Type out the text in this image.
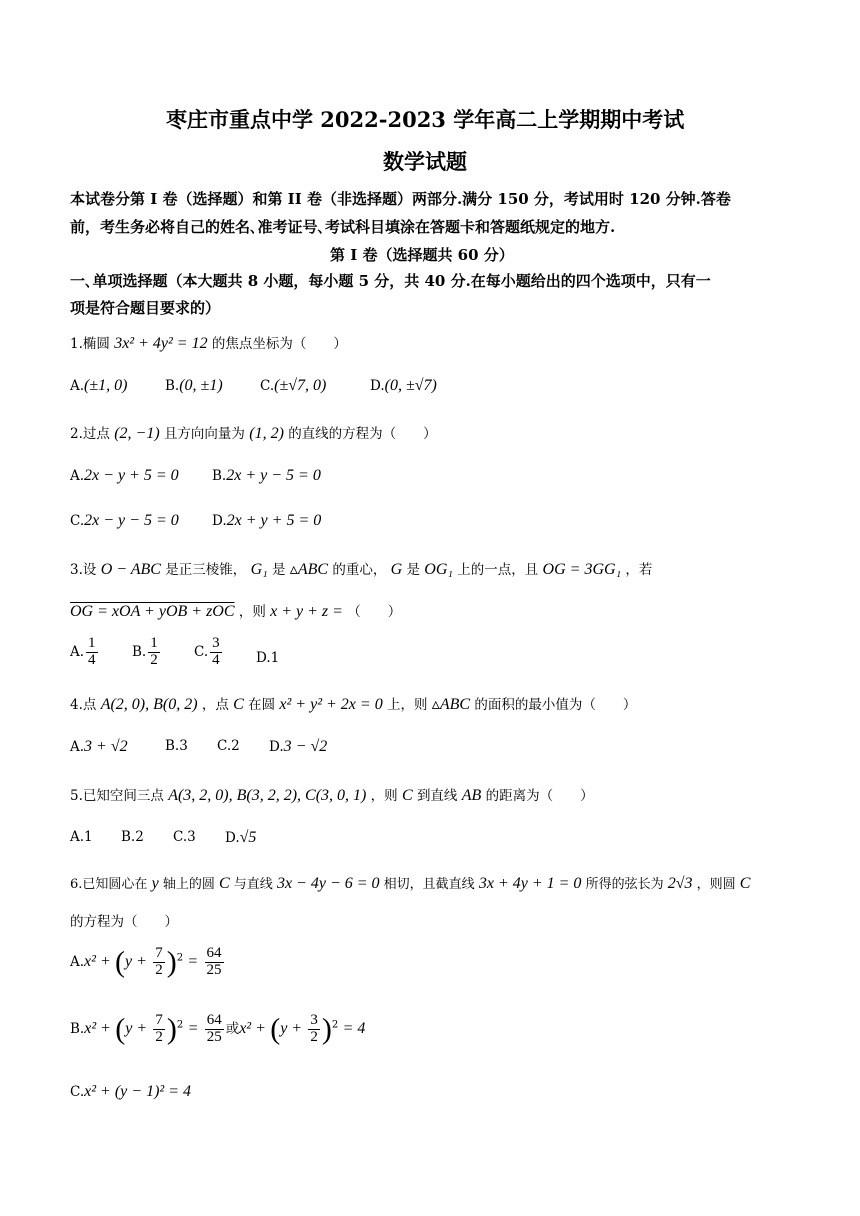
枣庄市重点中学 2022-2023 学年高二上学期期中考试
数学试题
本试卷分第 I 卷（选择题）和第 II 卷（非选择题）两部分.满分 150 分，考试用时 120 分钟.答卷
前，考生务必将自己的姓名､准考证号､考试科目填涂在答题卡和答题纸规定的地方.
第 I 卷（选择题共 60 分）
一､单项选择题（本大题共 8 小题，每小题 5 分，共 40 分.在每小题给出的四个选项中，只有一
项是符合题目要求的）
1.椭圆 3x² + 4y² = 12 的焦点坐标为（　　）
A.(±1, 0)	B.(0, ±1)	C.(±√7, 0)	D.(0, ±√7)
2.过点 (2, −1) 且方向向量为 (1, 2) 的直线的方程为（　　）
A.2x − y + 5 = 0 B.2x + y − 5 = 0
C.2x − y − 5 = 0 D.2x + y + 5 = 0
3.设 O − ABC 是正三棱锥， G₁ 是 ▵ABC 的重心， G 是 OG₁ 上的一点，且 OG = 3GG₁ ，若
OG = xOA + yOB + zOC ，则 x + y + z = （　　）
A. $\frac{1}{4}$	B. $\frac{1}{2}$	C. $\frac{3}{4}$	D.1
4.点 A(2, 0), B(0, 2) ，点 C 在圆 x² + y² + 2x = 0 上，则 ▵ABC 的面积的最小值为（　　）
A.3 + √2	B.3 C.2 D.3 − √2
5.已知空间三点 A(3, 2, 0), B(3, 2, 2), C(3, 0, 1) ，则 C 到直线 AB 的距离为（　　）
A.1 B.2 C.3 D.√5
6.已知圆心在 y 轴上的圆 C 与直线 3x − 4y − 6 = 0 相切，且截直线 3x + 4y + 1 = 0 所得的弦长为 2√3 ，则圆 C
的方程为（　　）
$A.x^2 + (y + \frac{7}{2} )^2 = \frac{64}{25}$
$B.x^2 + (y + \frac{7}{2} )^2 = \frac{64}{25}$ 或$x^2 + (y + \frac{3}{2} )^2 = 4$
C.x² + (y − 1)² = 4
